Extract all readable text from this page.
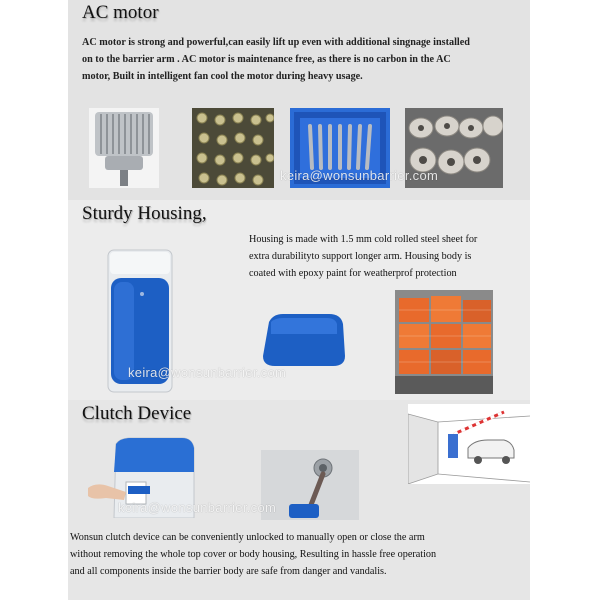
AC motor
AC motor is strong and powerful,can easily lift up even with additional singnage installed
on to the barrier arm . AC motor is maintenance free, as there is no carbon in the AC
motor, Built in intelligent fan cool the motor during heavy usage.
keira@wonsunbarrier.com
Sturdy Housing,
Housing is made with 1.5 mm cold rolled steel sheet for
extra durabilityto support longer arm. Housing body is
coated with epoxy paint for weatherprof protection
keira@wonsunbarrier.com
Clutch Device
keira@wonsunbarrier.com
Wonsun clutch device can be conveniently unlocked to manually open or close the arm
without removing the whole top cover or body housing, Resulting in hassle free operation
and all components inside the barrier body are safe from danger and vandalis.
